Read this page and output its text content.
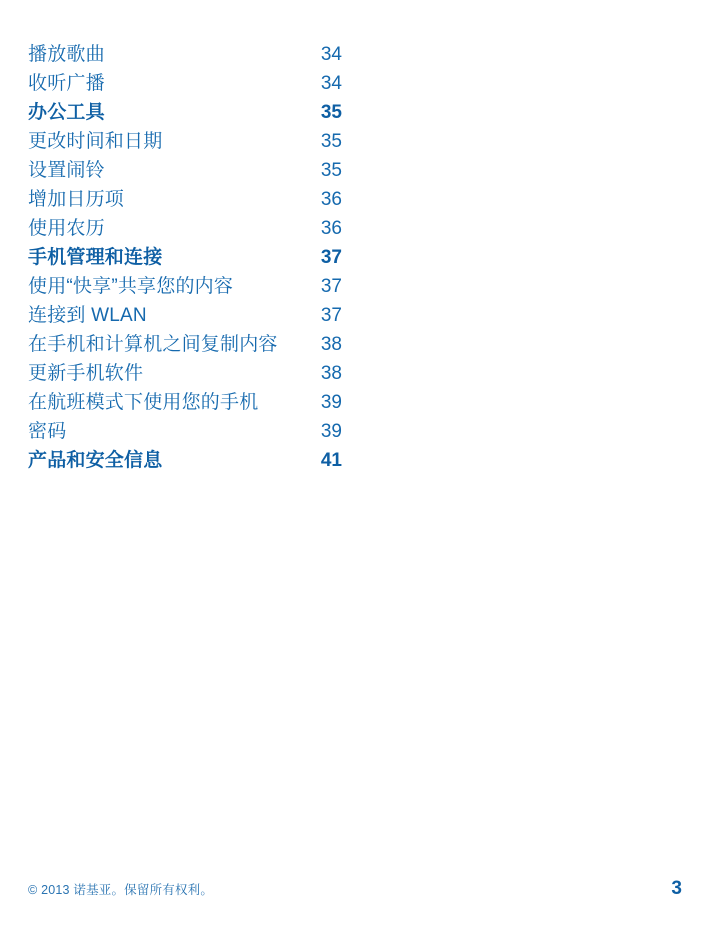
播放歌曲	34
收听广播	34
办公工具	35
更改时间和日期	35
设置闹铃	35
增加日历项	36
使用农历	36
手机管理和连接	37
使用“快享”共享您的内容	37
连接到 WLAN	37
在手机和计算机之间复制内容	38
更新手机软件	38
在航班模式下使用您的手机	39
密码	39
产品和安全信息	41
© 2013 诺基亚。保留所有权利。	3
